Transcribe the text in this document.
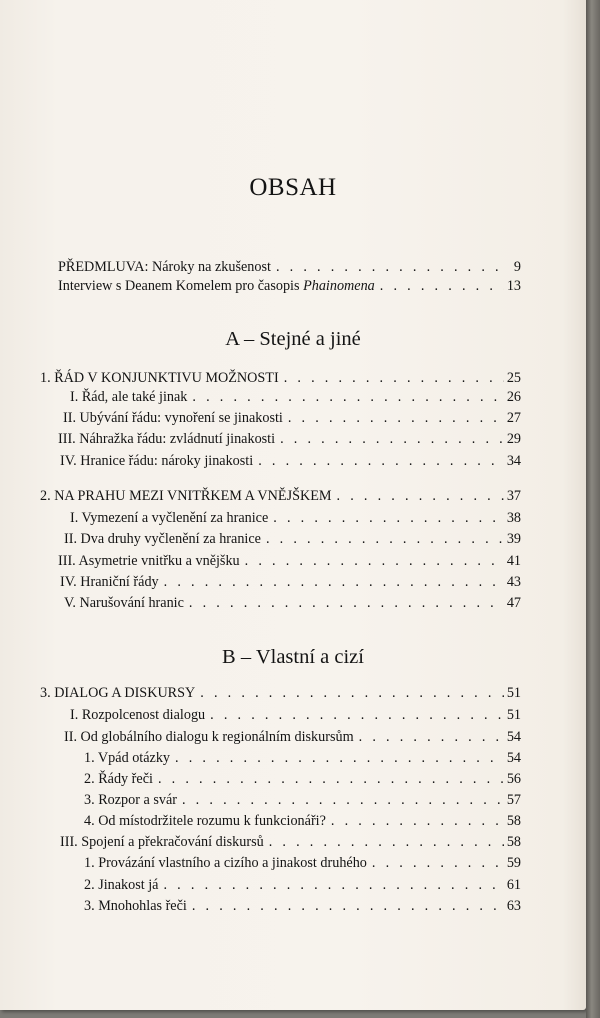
OBSAH
PŘEDMLUVA: Nároky na zkušenost . . .	9
Interview s Deanem Komelem pro časopis Phainomena . . .	13
A – Stejné a jiné
1. ŘÁD V KONJUNKTIVU MOŽNOSTI . . .	25
I. Řád, ale také jinak . . .	26
II. Ubývání řádu: vynoření se jinakosti . . .	27
III. Náhražka řádu: zvládnutí jinakosti . . .	29
IV. Hranice řádu: nároky jinakosti . . .	34
2. NA PRAHU MEZI VNITŘKEM A VNĚJŠKEM . . .	37
I. Vymezení a vyčlenění za hranice . . .	38
II. Dva druhy vyčlenění za hranice . . .	39
III. Asymetrie vnitřku a vnějšku . . .	41
IV. Hraniční řády . . .	43
V. Narušování hranic . . .	47
B – Vlastní a cizí
3. DIALOG A DISKURSY . . .	51
I. Rozpolcenost dialogu . . .	51
II. Od globálního dialogu k regionálním diskursům . . .	54
1. Vpád otázky . . .	54
2. Řády řeči . . .	56
3. Rozpor a svár . . .	57
4. Od místodržitele rozumu k funkcionáři? . . .	58
III. Spojení a překračování diskursů . . .	58
1. Provázání vlastního a cizího a jinakost druhého . . .	59
2. Jinakost já . . .	61
3. Mnohohlas řeči . . .	63
